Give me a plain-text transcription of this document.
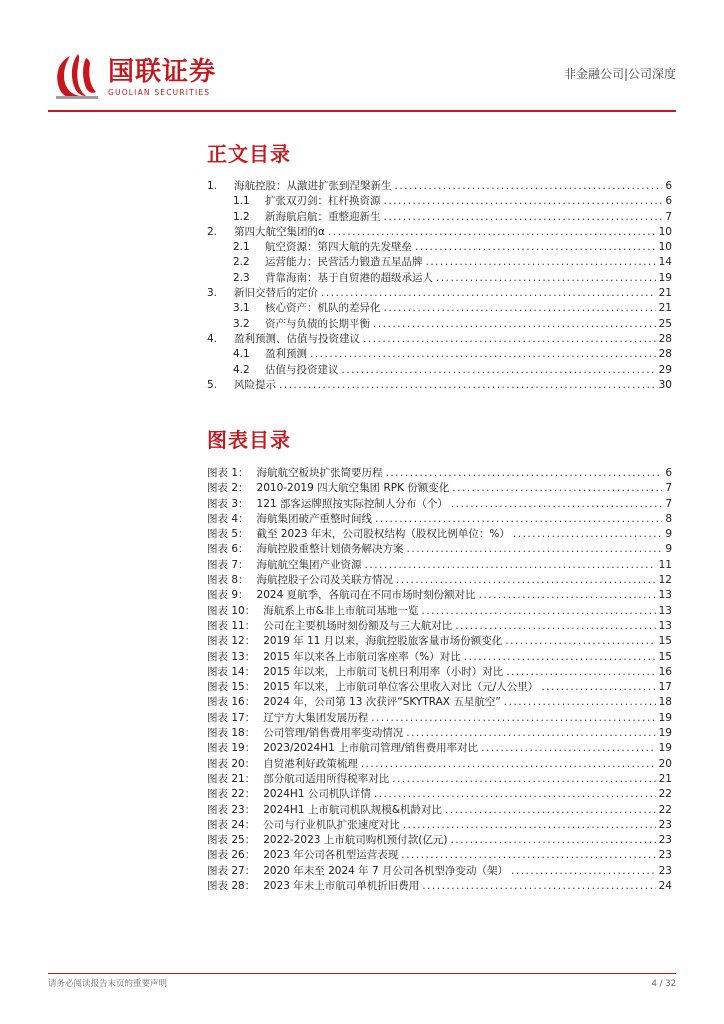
国联证券
GUOLIAN SECURITIES
非金融公司|公司深度
正文目录
1.	海航控股：从激进扩张到涅槃新生 .....	6
1.1	扩张双刃剑：杠杆换资源 .....	6
1.2	新海航启航：重整迎新生 .....	7
2.	第四大航空集团的α .....	10
2.1	航空资源：第四大航的先发壁垒 .....	10
2.2	运营能力：民营活力锻造五星品牌 .....	14
2.3	背靠海南：基于自贸港的超级承运人 .....	19
3.	新旧交替后的定价 .....	21
3.1	核心资产：机队的差异化 .....	21
3.2	资产与负债的长期平衡 .....	25
4.	盈利预测、估值与投资建议 .....	28
4.1	盈利预测 .....	28
4.2	估值与投资建议 .....	29
5.	风险提示 .....	30
图表目录
图表 1： 海航航空板块扩张简要历程 .....	6
图表 2： 2010-2019 四大航空集团 RPK 份额变化 .....	7
图表 3： 121 部客运牌照按实际控制人分布（个） .....	7
图表 4： 海航集团破产重整时间线 .....	8
图表 5： 截至 2023 年末，公司股权结构（股权比例单位：%） .....	9
图表 6： 海航控股重整计划债务解决方案 .....	9
图表 7： 海航航空集团产业资源 .....	11
图表 8： 海航控股子公司及关联方情况 .....	12
图表 9： 2024 夏航季，各航司在不同市场时刻份额对比 .....	13
图表 10： 海航系上市&非上市航司基地一览 .....	13
图表 11： 公司在主要机场时刻份额及与三大航对比 .....	13
图表 12： 2019 年 11 月以来，海航控股旅客量市场份额变化 .....	15
图表 13： 2015 年以来各上市航司客座率（%）对比 .....	15
图表 14： 2015 年以来，上市航司飞机日利用率（小时）对比 .....	16
图表 15： 2015 年以来，上市航司单位客公里收入对比（元/人公里） .....	17
图表 16： 2024 年，公司第 13 次获评“SKYTRAX 五星航空” .....	18
图表 17： 辽宁方大集团发展历程 .....	19
图表 18： 公司管理/销售费用率变动情况 .....	19
图表 19： 2023/2024H1 上市航司管理/销售费用率对比 .....	19
图表 20： 自贸港利好政策梳理 .....	20
图表 21： 部分航司适用所得税率对比 .....	21
图表 22： 2024H1 公司机队详情 .....	22
图表 23： 2024H1 上市航司机队规模&机龄对比 .....	22
图表 24： 公司与行业机队扩张速度对比 .....	23
图表 25： 2022-2023 上市航司购机预付款(亿元) .....	23
图表 26： 2023 年公司各机型运营表现 .....	23
图表 27： 2020 年末至 2024 年 7 月公司各机型净变动（架） .....	23
图表 28： 2023 年末上市航司单机折旧费用 .....	24
请务必阅读报告末页的重要声明	4 / 32
